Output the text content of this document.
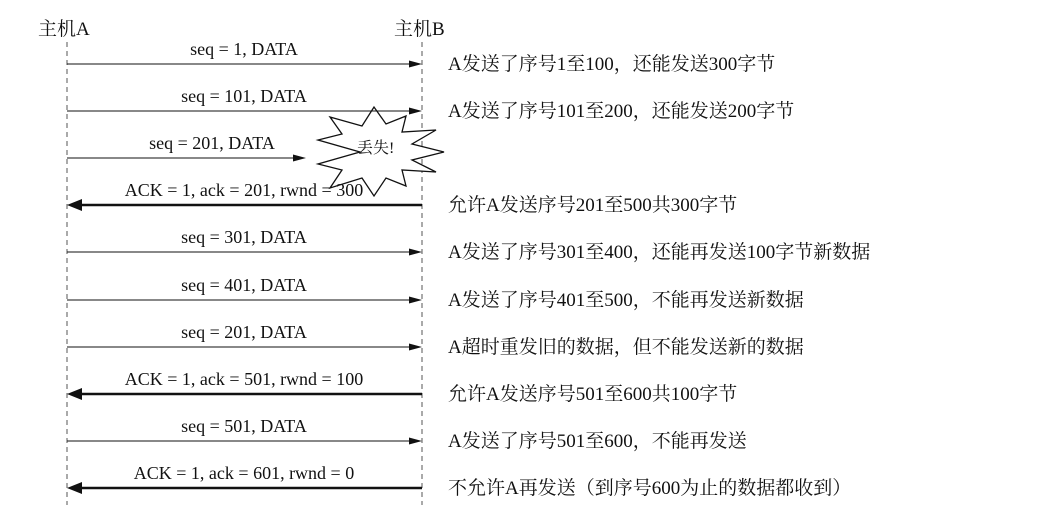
主机A	主机B
丢失!
seq = 1, DATA
A发送了序号1至100，还能发送300字节
seq = 101, DATA
A发送了序号101至200，还能发送200字节
seq = 201, DATA
ACK = 1, ack = 201, rwnd = 300
允许A发送序号201至500共300字节
seq = 301, DATA
A发送了序号301至400，还能再发送100字节新数据
seq = 401, DATA
A发送了序号401至500，不能再发送新数据
seq = 201, DATA
A超时重发旧的数据，但不能发送新的数据
ACK = 1, ack = 501, rwnd = 100
允许A发送序号501至600共100字节
seq = 501, DATA
A发送了序号501至600，不能再发送
ACK = 1, ack = 601, rwnd = 0
不允许A再发送（到序号600为止的数据都收到）
